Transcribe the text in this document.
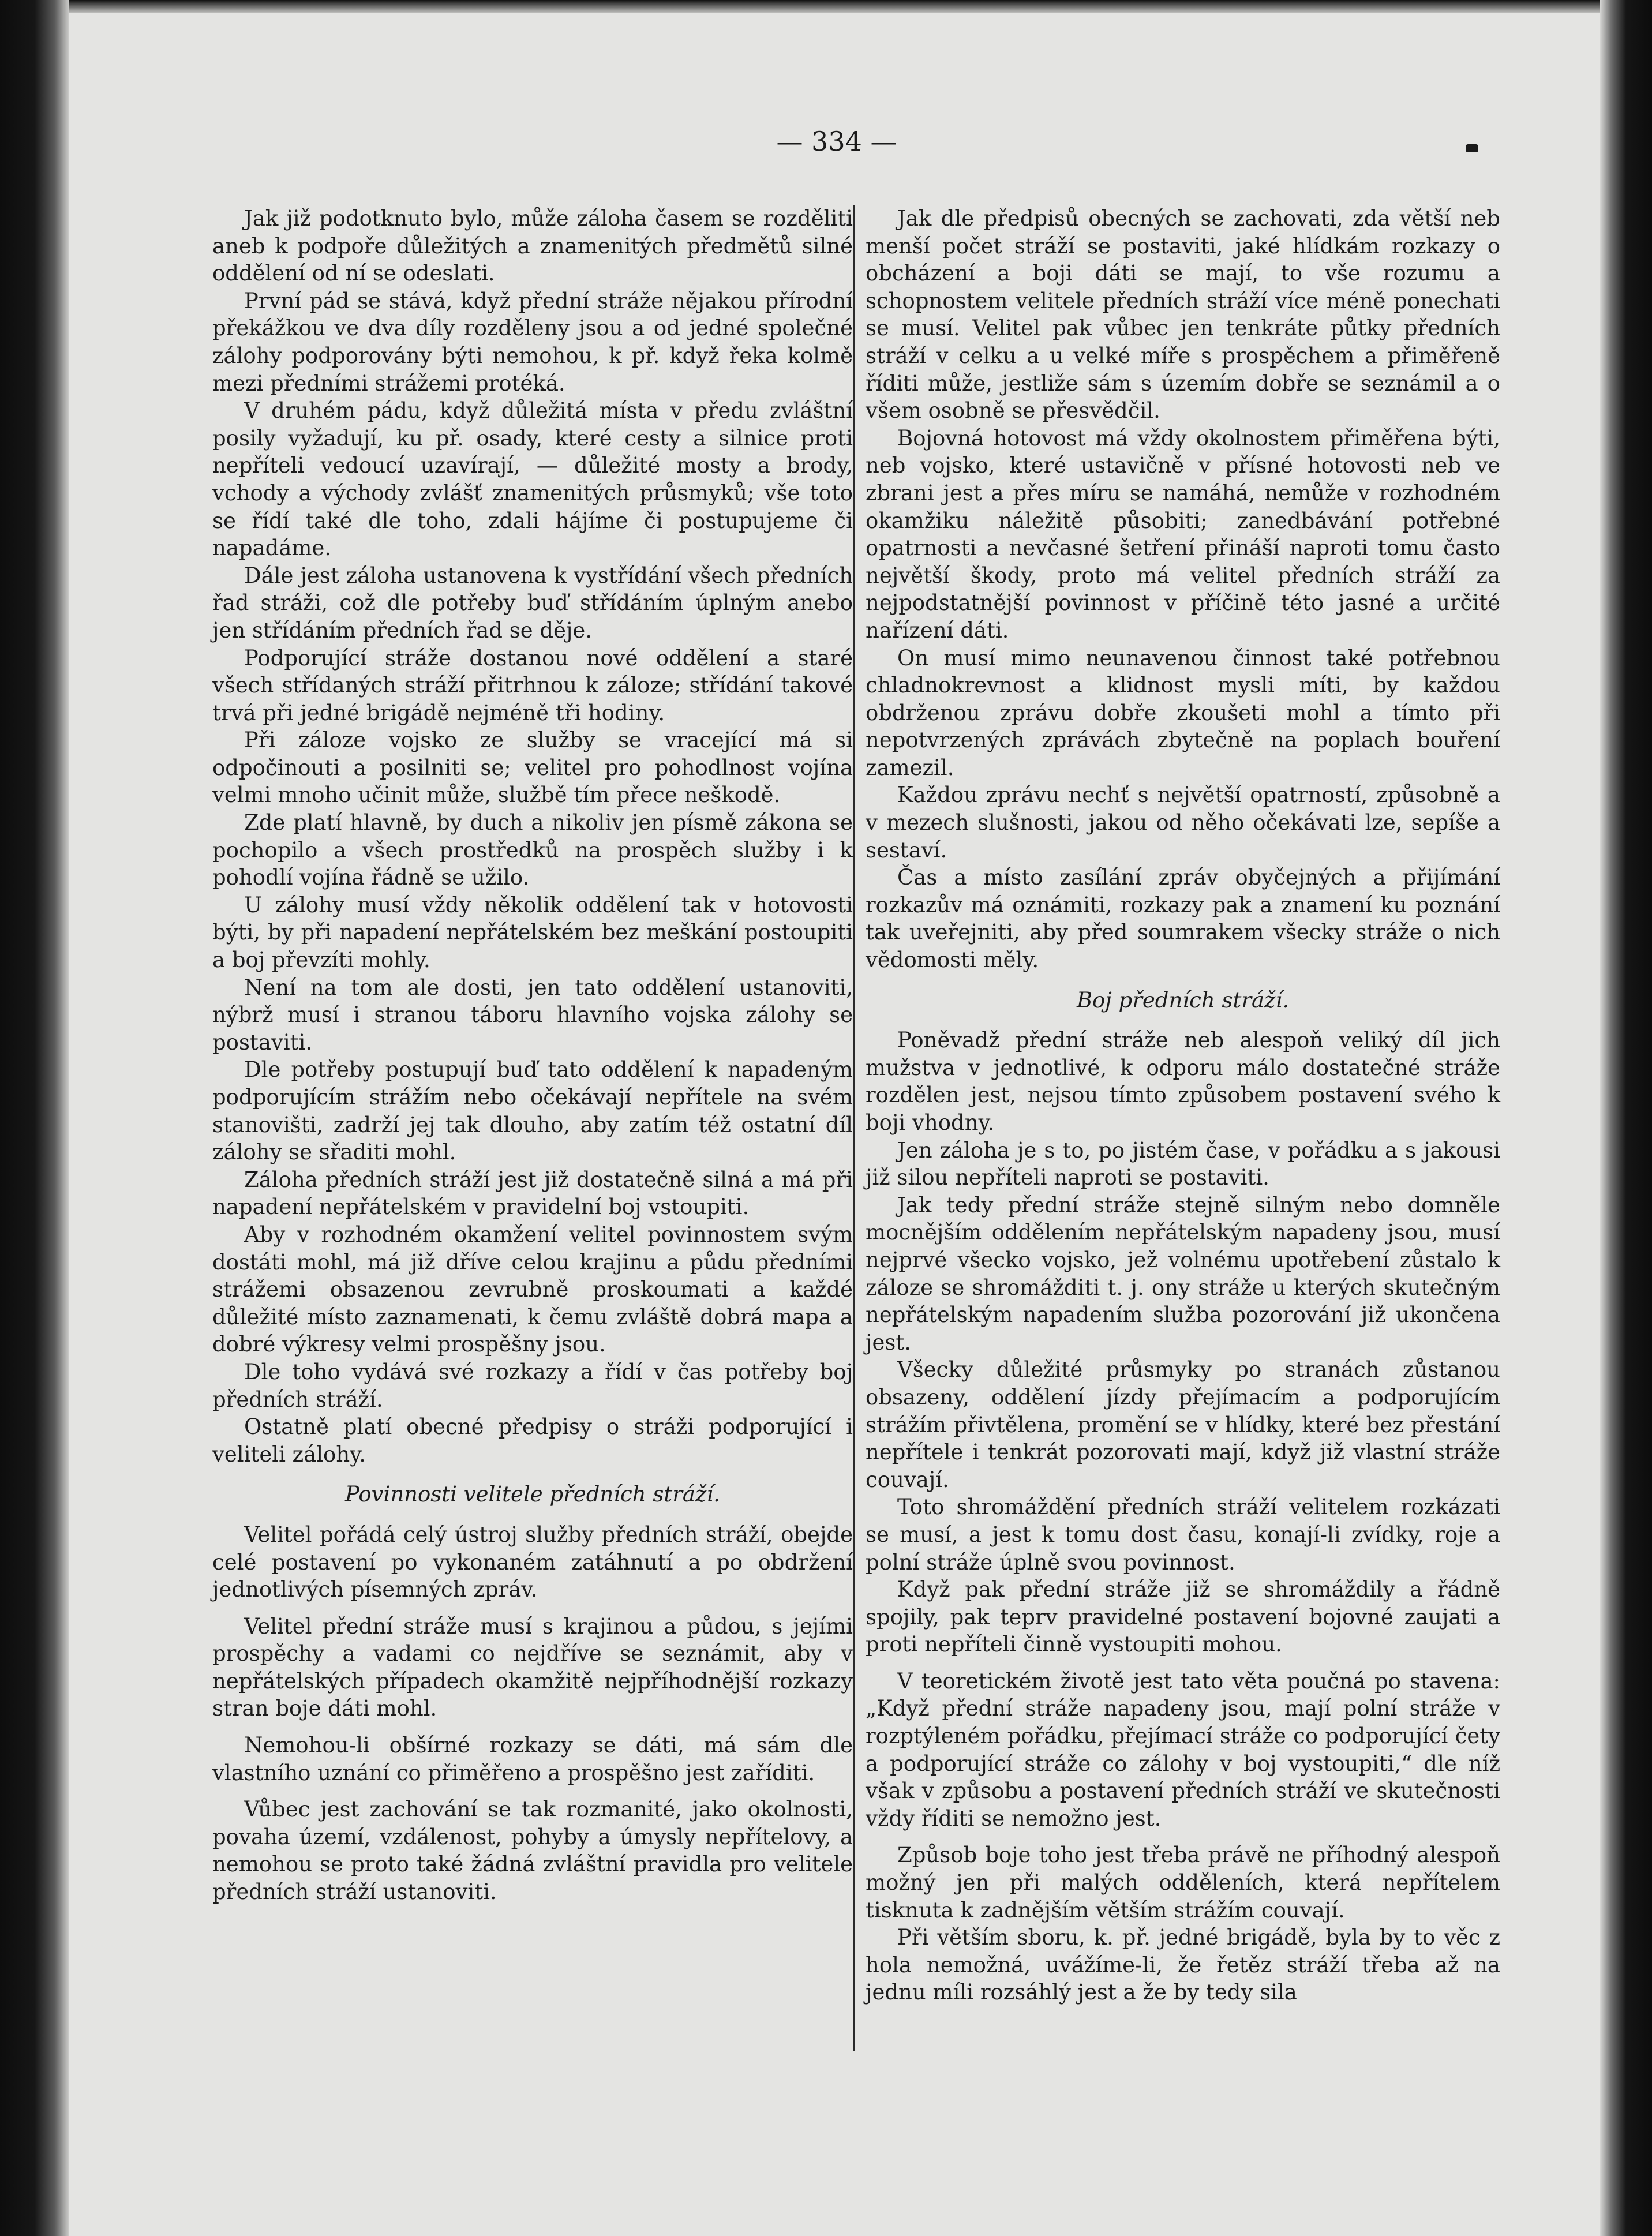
— 334 —

Jak již podotknuto bylo, může záloha časem se rozděliti aneb k podpoře důležitých a znamenitých předmětů silné oddělení od ní se odeslati.

První pád se stává, když přední stráže nějakou přírodní překážkou ve dva díly rozděleny jsou a od jedné společné zálohy podporovány býti nemohou, k př. když řeka kolmě mezi předními strážemi protéká.

V druhém pádu, když důležitá místa v předu zvláštní posily vyžadují, ku př. osady, které cesty a silnice proti nepříteli vedoucí uzavírají, — důležité mosty a brody, vchody a východy zvlášť znamenitých průsmyků; vše toto se řídí také dle toho, zdali hájíme či postupujeme či napadáme.

Dále jest záloha ustanovena k vystřídání všech předních řad stráži, což dle potřeby buď střídáním úplným anebo jen střídáním předních řad se děje.

Podporující stráže dostanou nové oddělení a staré všech střídaných stráží přitrhnou k záloze; střídání takové trvá při jedné brigádě nejméně tři hodiny.

Při záloze vojsko ze služby se vracející má si odpočinouti a posilniti se; velitel pro pohodlnost vojína velmi mnoho učinit může, službě tím přece neškodě.

Zde platí hlavně, by duch a nikoliv jen písmě zákona se pochopilo a všech prostředků na prospěch služby i k pohodlí vojína řádně se užilo.

U zálohy musí vždy několik oddělení tak v hotovosti býti, by při napadení nepřátelském bez meškání postoupiti a boj převzíti mohly.

Není na tom ale dosti, jen tato oddělení ustanoviti, nýbrž musí i stranou táboru hlavního vojska zálohy se postaviti.

Dle potřeby postupují buď tato oddělení k napadeným podporujícím strážím nebo očekávají nepřítele na svém stanovišti, zadrží jej tak dlouho, aby zatím též ostatní díl zálohy se sřaditi mohl.

Záloha předních stráží jest již dostatečně silná a má při napadení nepřátelském v pravidelní boj vstoupiti.

Aby v rozhodném okamžení velitel povinnostem svým dostáti mohl, má již dříve celou krajinu a půdu předními strážemi obsazenou zevrubně proskoumati a každé důležité místo zaznamenati, k čemu zvláště dobrá mapa a dobré výkresy velmi prospěšny jsou.

Dle toho vydává své rozkazy a řídí v čas potřeby boj předních stráží.

Ostatně platí obecné předpisy o stráži podporující i veliteli zálohy.

Povinnosti velitele předních stráží.

Velitel pořádá celý ústroj služby předních stráží, obejde celé postavení po vykonaném zatáhnutí a po obdržení jednotlivých písemných zpráv.

Velitel přední stráže musí s krajinou a půdou, s jejími prospěchy a vadami co nejdříve se seznámit, aby v nepřátelských případech okamžitě nejpříhodnější rozkazy stran boje dáti mohl.

Nemohou-li obšírné rozkazy se dáti, má sám dle vlastního uznání co přiměřeno a prospěšno jest zaříditi.

Vůbec jest zachování se tak rozmanité, jako okolnosti, povaha území, vzdálenost, pohyby a úmysly nepřítelovy, a nemohou se proto také žádná zvláštní pravidla pro velitele předních stráží ustanoviti.

Jak dle předpisů obecných se zachovati, zda větší neb menší počet stráží se postaviti, jaké hlídkám rozkazy o obcházení a boji dáti se mají, to vše rozumu a schopnostem velitele předních stráží více méně ponechati se musí. Velitel pak vůbec jen tenkráte půtky předních stráží v celku a u velké míře s prospěchem a přiměřeně říditi může, jestliže sám s územím dobře se seznámil a o všem osobně se přesvědčil.

Bojovná hotovost má vždy okolnostem přiměřena býti, neb vojsko, které ustavičně v přísné hotovosti neb ve zbrani jest a přes míru se namáhá, nemůže v rozhodném okamžiku náležitě působiti; zanedbávání potřebné opatrnosti a nevčasné šetření přináší naproti tomu často největší škody, proto má velitel předních stráží za nejpodstatnější povinnost v příčině této jasné a určité nařízení dáti.

On musí mimo neunavenou činnost také potřebnou chladnokrevnost a klidnost mysli míti, by každou obdrženou zprávu dobře zkoušeti mohl a tímto při nepotvrzených zprávách zbytečně na poplach bouření zamezil.

Každou zprávu nechť s největší opatrností, způsobně a v mezech slušnosti, jakou od něho očekávati lze, sepíše a sestaví.

Čas a místo zasílání zpráv obyčejných a přijímání rozkazův má oznámiti, rozkazy pak a znamení ku poznání tak uveřejniti, aby před soumrakem všecky stráže o nich vědomosti měly.

Boj předních stráží.

Poněvadž přední stráže neb alespoň veliký díl jich mužstva v jednotlivé, k odporu málo dostatečné stráže rozdělen jest, nejsou tímto způsobem postavení svého k boji vhodny.

Jen záloha je s to, po jistém čase, v pořádku a s jakousi již silou nepříteli naproti se postaviti.

Jak tedy přední stráže stejně silným nebo domněle mocnějším oddělením nepřátelským napadeny jsou, musí nejprvé všecko vojsko, jež volnému upotřebení zůstalo k záloze se shromážditi t. j. ony stráže u kterých skutečným nepřátelským napadením služba pozorování již ukončena jest.

Všecky důležité průsmyky po stranách zůstanou obsazeny, oddělení jízdy přejímacím a podporujícím strážím přivtělena, promění se v hlídky, které bez přestání nepřítele i tenkrát pozorovati mají, když již vlastní stráže couvají.

Toto shromáždění předních stráží velitelem rozkázati se musí, a jest k tomu dost času, konají-li zvídky, roje a polní stráže úplně svou povinnost.

Když pak přední stráže již se shromáždily a řádně spojily, pak teprv pravidelné postavení bojovné zaujati a proti nepříteli činně vystoupiti mohou.

V teoretickém životě jest tato věta poučná po stavena: „Když přední stráže napadeny jsou, mají polní stráže v rozptýleném pořádku, přejímací stráže co podporující čety a podporující stráže co zálohy v boj vystoupiti,“ dle níž však v způsobu a postavení předních stráží ve skutečnosti vždy říditi se nemožno jest.

Způsob boje toho jest třeba právě ne příhodný alespoň možný jen při malých odděleních, která nepřítelem tisknuta k zadnějším větším strážím couvají.

Při větším sboru, k. př. jedné brigádě, byla by to věc z hola nemožná, uvážíme-li, že řetěz stráží třeba až na jednu míli rozsáhlý jest a že by tedy sila
